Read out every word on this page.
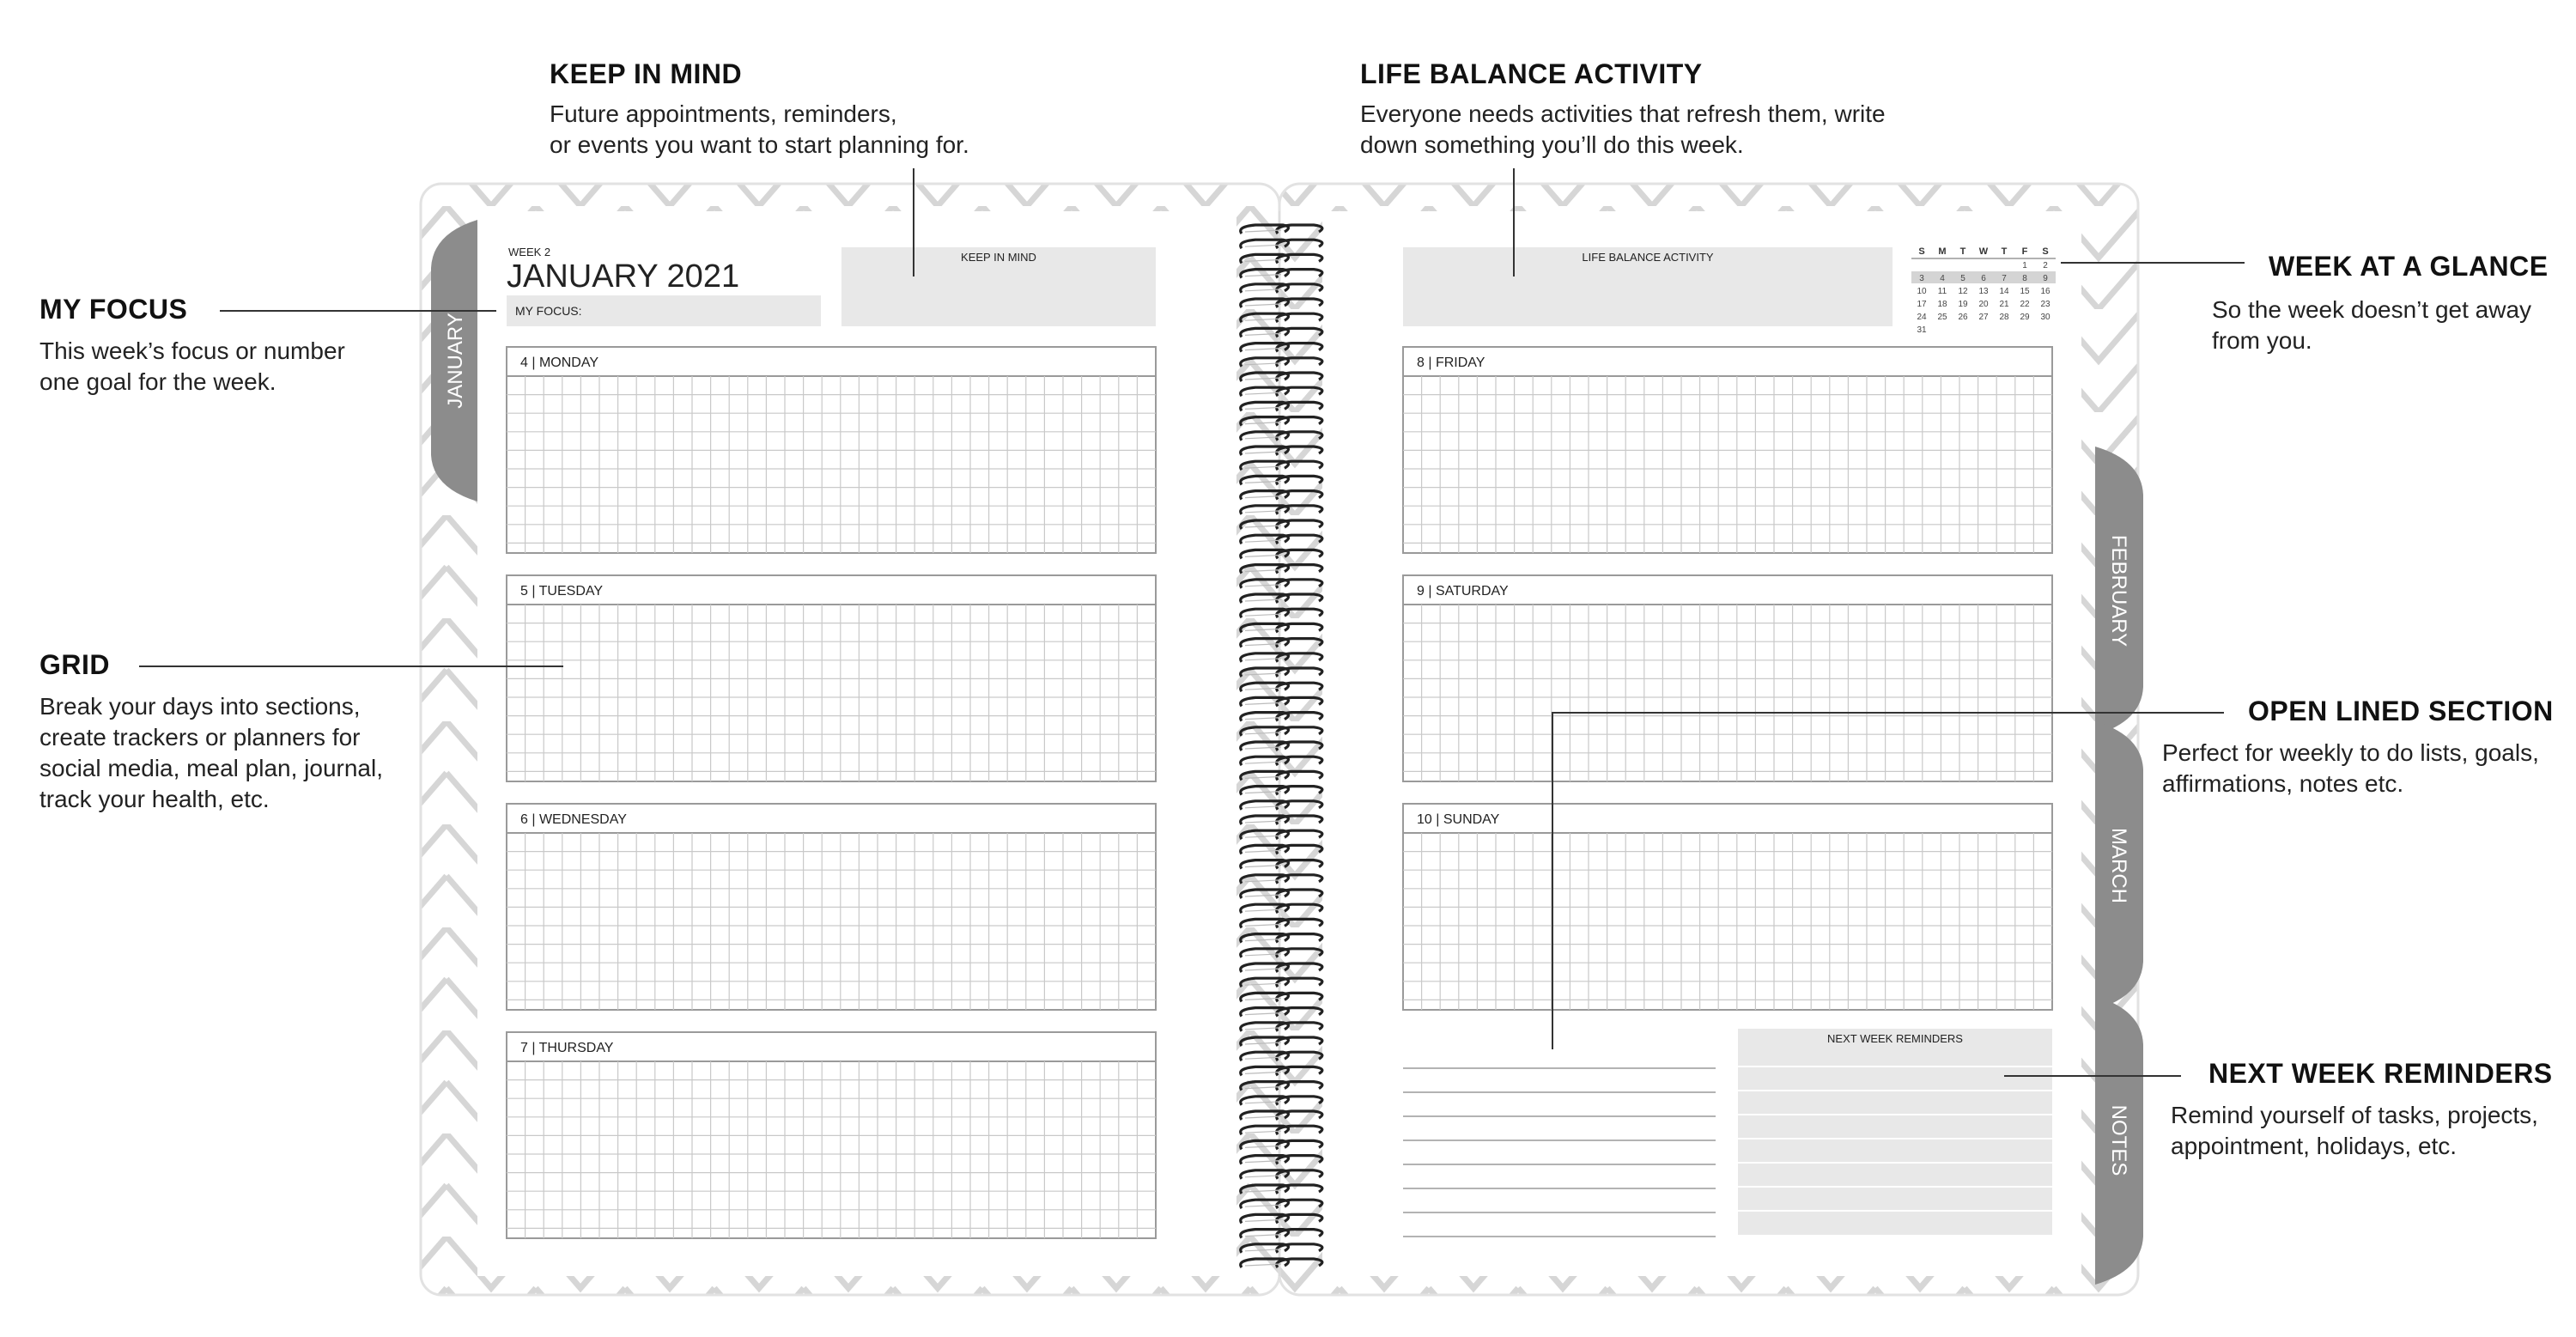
JANUARY
FEBRUARY
MARCH
NOTES
WEEK 2
JANUARY 2021
MY FOCUS:
KEEP IN MIND	LIFE BALANCE ACTIVITY	S M T W T F S
1 2
3 4 5 6 7 8 9
10 11 12 13 14 15 16
17 18 19 20 21 22 23
24 25 26 27 28 29 30
31
4 | MONDAY
5 | TUESDAY
6 | WEDNESDAY
7 | THURSDAY
8 | FRIDAY
9 | SATURDAY
10 | SUNDAY
NEXT WEEK REMINDERS
KEEP IN MIND
Future appointments, reminders,
or events you want to start planning for.
LIFE BALANCE ACTIVITY
Everyone needs activities that refresh them, write
down something you’ll do this week.
MY FOCUS
This week’s focus or number
one goal for the week.
WEEK AT A GLANCE
So the week doesn’t get away
from you.
GRID
Break your days into sections,
create trackers or planners for
social media, meal plan, journal,
track your health, etc.
OPEN LINED SECTION
Perfect for weekly to do lists, goals,
affirmations, notes etc.
NEXT WEEK REMINDERS
Remind yourself of tasks, projects,
appointment, holidays, etc.
